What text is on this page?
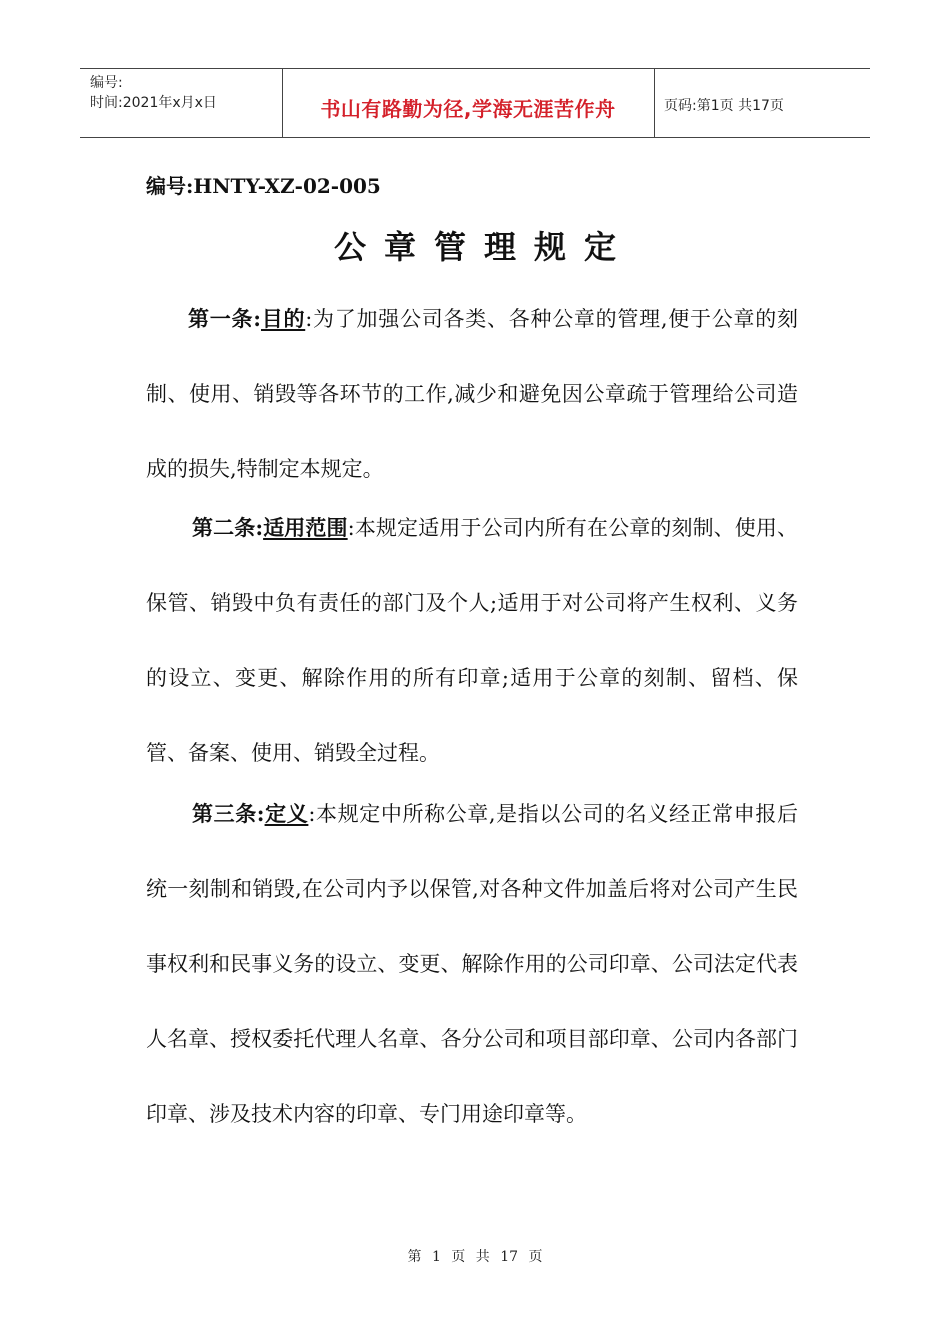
编号:
时间:2021年x月x日	书山有路勤为径,学海无涯苦作舟	页码:第1页 共17页
编号:HNTY-XZ-02-005
公章管理规定

第一条:目的:为了加强公司各类、各种公章的管理,便于公章的刻制、使用、销毁等各环节的工作,减少和避免因公章疏于管理给公司造成的损失,特制定本规定。

第二条:适用范围:本规定适用于公司内所有在公章的刻制、使用、保管、销毁中负有责任的部门及个人;适用于对公司将产生权利、义务的设立、变更、解除作用的所有印章;适用于公章的刻制、留档、保管、备案、使用、销毁全过程。

第三条:定义:本规定中所称公章,是指以公司的名义经正常申报后统一刻制和销毁,在公司内予以保管,对各种文件加盖后将对公司产生民事权利和民事义务的设立、变更、解除作用的公司印章、公司法定代表人名章、授权委托代理人名章、各分公司和项目部印章、公司内各部门印章、涉及技术内容的印章、专门用途印章等。

第 1 页 共 17 页
